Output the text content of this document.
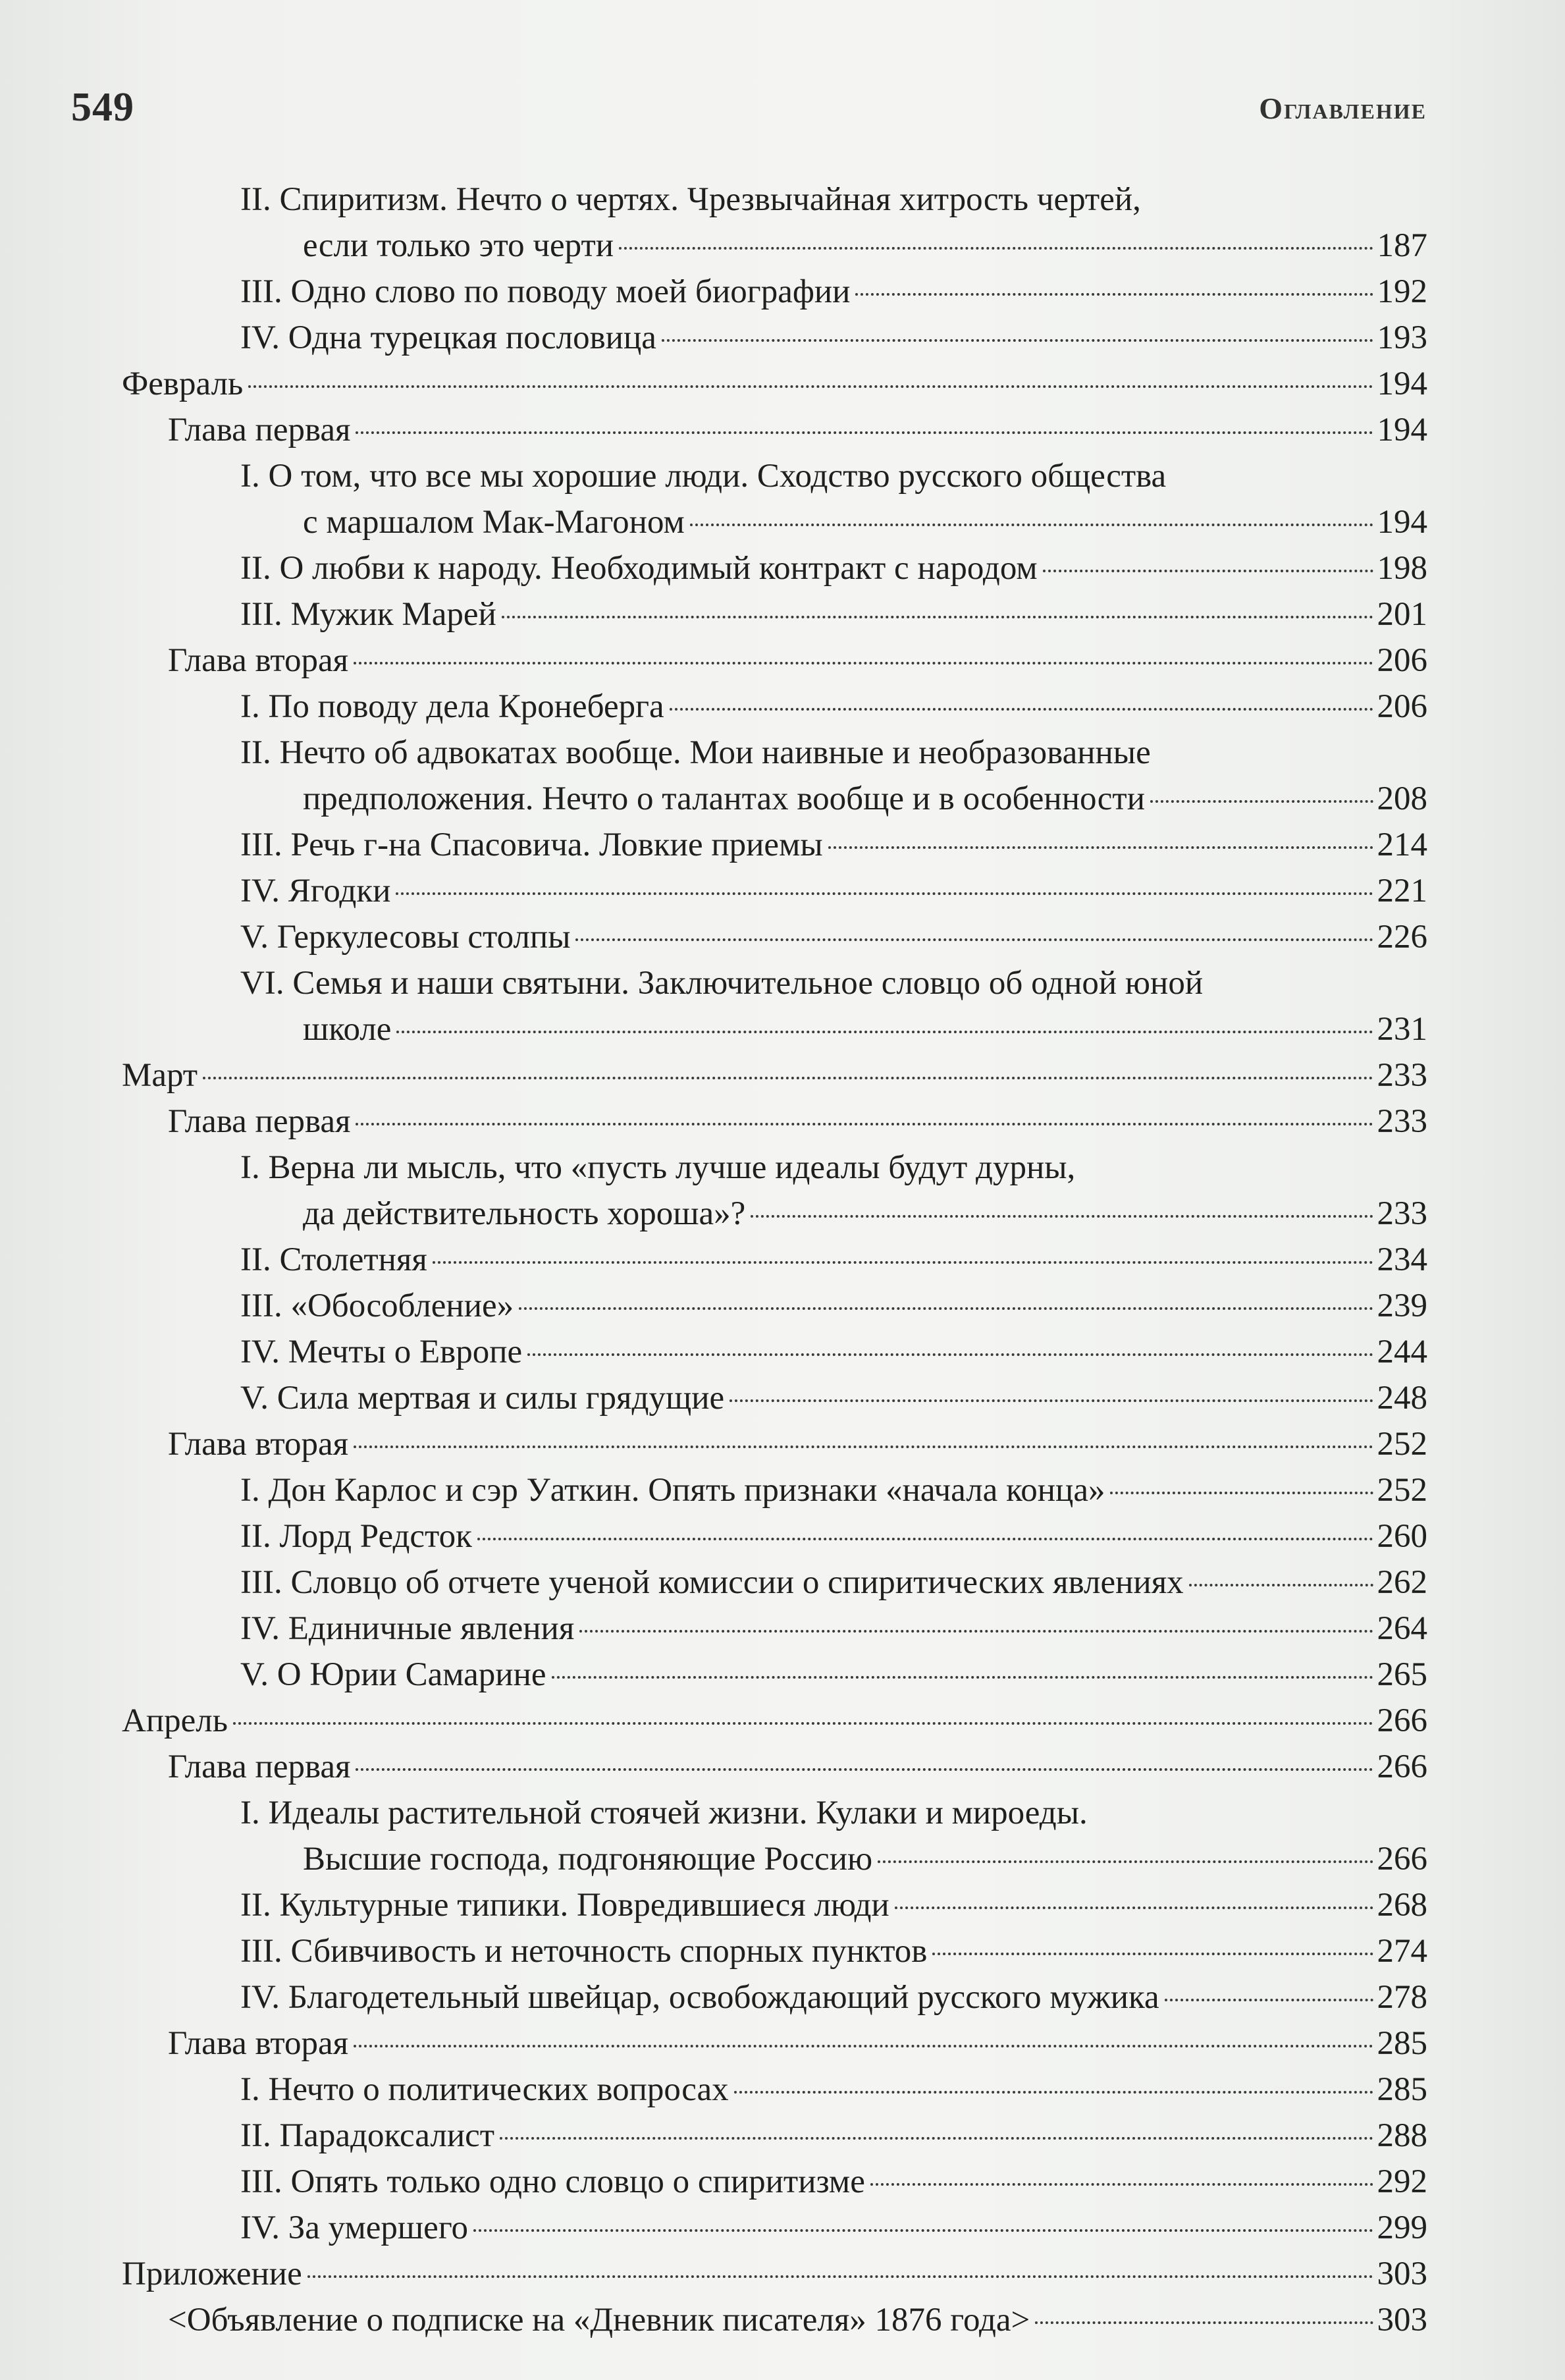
549	Оглавление
II. Спиритизм. Нечто о чертях. Чрезвычайная хитрость чертей,
если только это черти	187
III. Одно слово по поводу моей биографии	192
IV. Одна турецкая пословица	193
Февраль	194
Глава первая	194
I. О том, что все мы хорошие люди. Сходство русского общества
с маршалом Мак-Магоном	194
II. О любви к народу. Необходимый контракт с народом	198
III. Мужик Марей	201
Глава вторая	206
I. По поводу дела Кронеберга	206
II. Нечто об адвокатах вообще. Мои наивные и необразованные
предположения. Нечто о талантах вообще и в особенности	208
III. Речь г-на Спасовича. Ловкие приемы	214
IV. Ягодки	221
V. Геркулесовы столпы	226
VI. Семья и наши святыни. Заключительное словцо об одной юной
школе	231
Март	233
Глава первая	233
I. Верна ли мысль, что «пусть лучше идеалы будут дурны,
да действительность хороша»?	233
II. Столетняя	234
III. «Обособление»	239
IV. Мечты о Европе	244
V. Сила мертвая и силы грядущие	248
Глава вторая	252
I. Дон Карлос и сэр Уаткин. Опять признаки «начала конца»	252
II. Лорд Редсток	260
III. Словцо об отчете ученой комиссии о спиритических явлениях	262
IV. Единичные явления	264
V. О Юрии Самарине	265
Апрель	266
Глава первая	266
I. Идеалы растительной стоячей жизни. Кулаки и мироеды.
Высшие господа, подгоняющие Россию	266
II. Культурные типики. Повредившиеся люди	268
III. Сбивчивость и неточность спорных пунктов	274
IV. Благодетельный швейцар, освобождающий русского мужика	278
Глава вторая	285
I. Нечто о политических вопросах	285
II. Парадоксалист	288
III. Опять только одно словцо о спиритизме	292
IV. За умершего	299
Приложение	303
<Объявление о подписке на «Дневник писателя» 1876 года>	303
